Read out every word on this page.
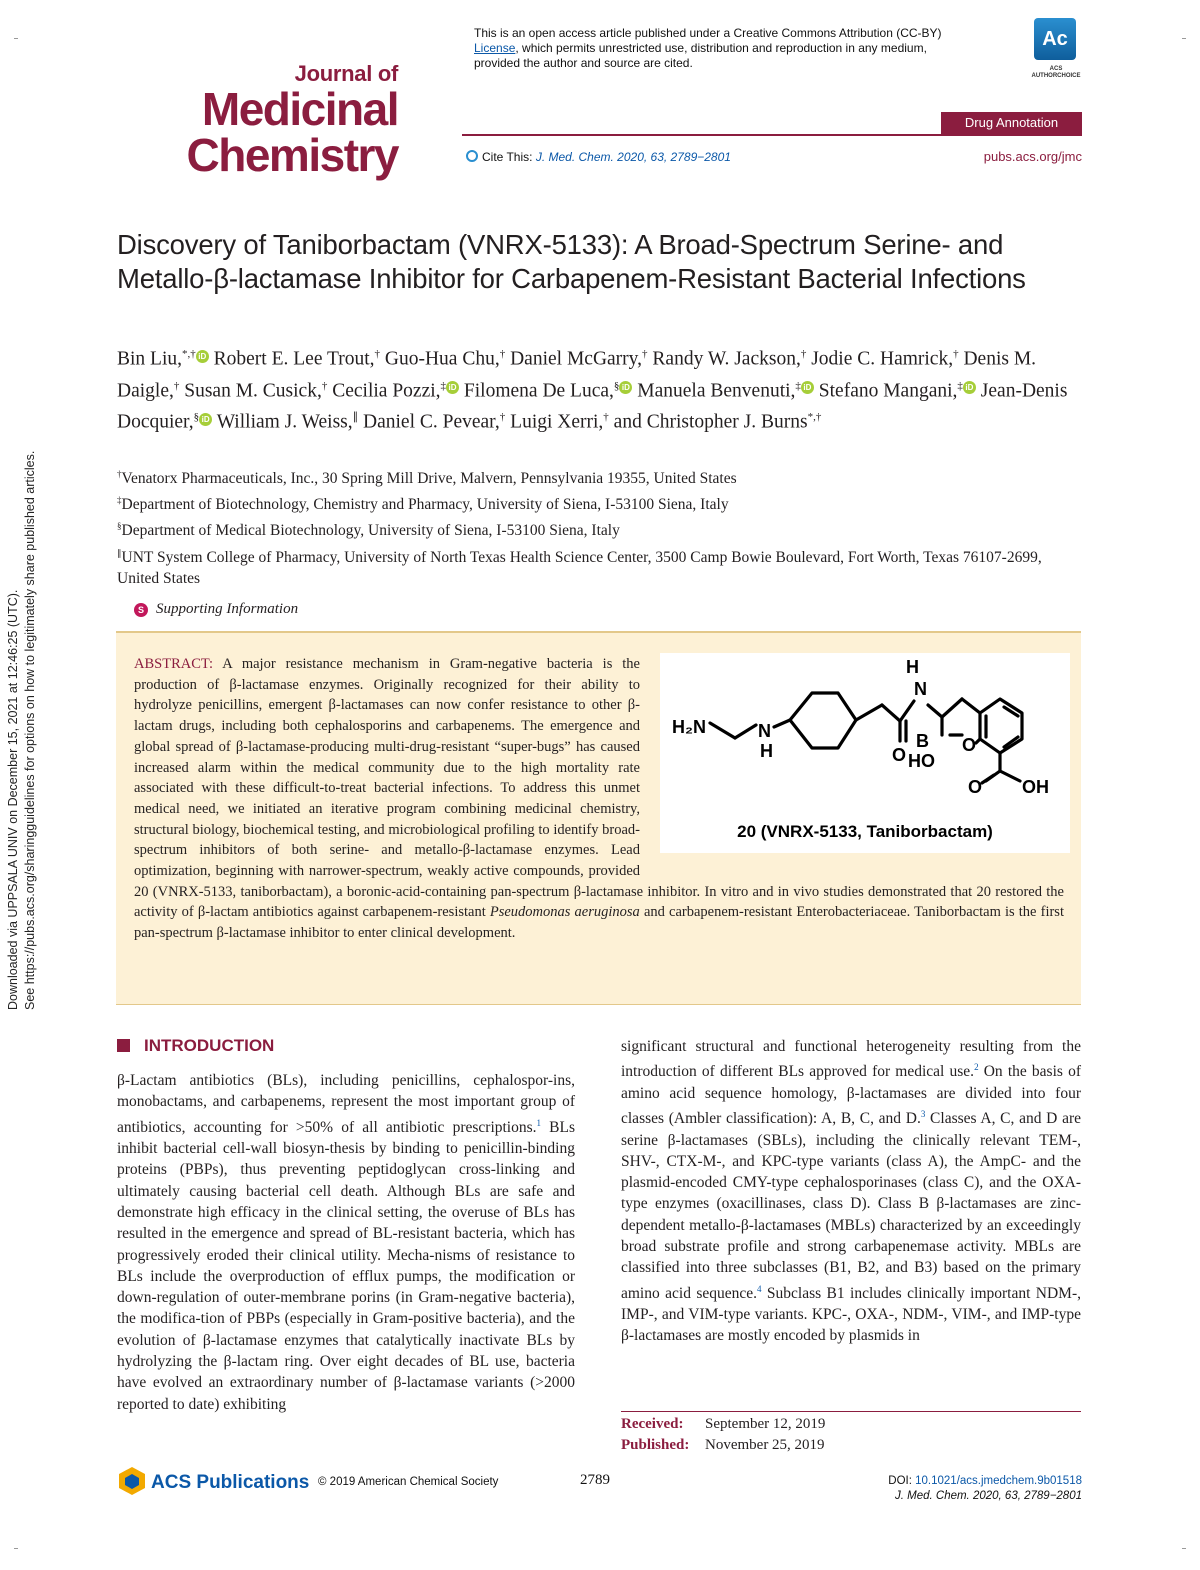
Downloaded via UPPSALA UNIV on December 15, 2021 at 12:46:25 (UTC). See https://pubs.acs.org/sharingguidelines for options on how to legitimately share published articles.
Journal of
Medicinal
Chemistry
This is an open access article published under a Creative Commons Attribution (CC-BY)
License, which permits unrestricted use, distribution and reproduction in any medium,
provided the author and source are cited.
Ac
ACS AUTHORCHOICE
Drug Annotation
Cite This: J. Med. Chem. 2020, 63, 2789−2801	pubs.acs.org/jmc
Discovery of Taniborbactam (VNRX-5133): A Broad-Spectrum Serine- and Metallo-β-lactamase Inhibitor for Carbapenem-Resistant Bacterial Infections
Bin Liu,*,† iD Robert E. Lee Trout,† Guo-Hua Chu,† Daniel McGarry,† Randy W. Jackson,† Jodie C. Hamrick,† Denis M. Daigle,† Susan M. Cusick,† Cecilia Pozzi,‡ iD Filomena De Luca,§ iD Manuela Benvenuti,‡ iD Stefano Mangani,‡ iD Jean-Denis Docquier,§ iD William J. Weiss,∥ Daniel C. Pevear,† Luigi Xerri,† and Christopher J. Burns*,†
†Venatorx Pharmaceuticals, Inc., 30 Spring Mill Drive, Malvern, Pennsylvania 19355, United States
‡Department of Biotechnology, Chemistry and Pharmacy, University of Siena, I-53100 Siena, Italy
§Department of Medical Biotechnology, University of Siena, I-53100 Siena, Italy
∥UNT System College of Pharmacy, University of North Texas Health Science Center, 3500 Camp Bowie Boulevard, Fort Worth, Texas 76107-2699, United States
S Supporting Information
H₂N	N
H
H
N
O
B
HO
O
O OH
20 (VNRX-5133, Taniborbactam)
ABSTRACT: A major resistance mechanism in Gram-negative bacteria is the production of β-lactamase enzymes. Originally recognized for their ability to hydrolyze penicillins, emergent β-lactamases can now confer resistance to other β-lactam drugs, including both cephalosporins and carbapenems. The emergence and global spread of β-lactamase-producing multi-drug-resistant “super-bugs” has caused increased alarm within the medical community due to the high mortality rate associated with these difficult-to-treat bacterial infections. To address this unmet medical need, we initiated an iterative program combining medicinal chemistry, structural biology, biochemical testing, and microbiological profiling to identify broad-spectrum inhibitors of both serine- and metallo-β-lactamase enzymes. Lead optimization, beginning with narrower-spectrum, weakly active compounds, provided 20 (VNRX-5133, taniborbactam), a boronic-acid-containing pan-spectrum β-lactamase inhibitor. In vitro and in vivo studies demonstrated that 20 restored the activity of β-lactam antibiotics against carbapenem-resistant Pseudomonas aeruginosa and carbapenem-resistant Enterobacteriaceae. Taniborbactam is the first pan-spectrum β-lactamase inhibitor to enter clinical development.
INTRODUCTION
β-Lactam antibiotics (BLs), including penicillins, cephalospor-ins, monobactams, and carbapenems, represent the most important group of antibiotics, accounting for >50% of all antibiotic prescriptions.$^1$ BLs inhibit bacterial cell-wall biosyn-thesis by binding to penicillin-binding proteins (PBPs), thus preventing peptidoglycan cross-linking and ultimately causing bacterial cell death. Although BLs are safe and demonstrate high efficacy in the clinical setting, the overuse of BLs has resulted in the emergence and spread of BL-resistant bacteria, which has progressively eroded their clinical utility. Mecha-nisms of resistance to BLs include the overproduction of efflux pumps, the modification or down-regulation of outer-membrane porins (in Gram-negative bacteria), the modifica-tion of PBPs (especially in Gram-positive bacteria), and the evolution of β-lactamase enzymes that catalytically inactivate BLs by hydrolyzing the β-lactam ring. Over eight decades of BL use, bacteria have evolved an extraordinary number of β-lactamase variants (>2000 reported to date) exhibiting
significant structural and functional heterogeneity resulting from the introduction of different BLs approved for medical use.$^2$ On the basis of amino acid sequence homology, β-lactamases are divided into four classes (Ambler classification): A, B, C, and D.$^3$ Classes A, C, and D are serine β-lactamases (SBLs), including the clinically relevant TEM-, SHV-, CTX-M-, and KPC-type variants (class A), the AmpC- and the plasmid-encoded CMY-type cephalosporinases (class C), and the OXA-type enzymes (oxacillinases, class D). Class B β-lactamases are zinc-dependent metallo-β-lactamases (MBLs) characterized by an exceedingly broad substrate profile and strong carbapenemase activity. MBLs are classified into three subclasses (B1, B2, and B3) based on the primary amino acid sequence.$^4$ Subclass B1 includes clinically important NDM-, IMP-, and VIM-type variants. KPC-, OXA-, NDM-, VIM-, and IMP-type β-lactamases are mostly encoded by plasmids in
Received: September 12, 2019
Published: November 25, 2019
ACS Publications © 2019 American Chemical Society	2789	DOI: 10.1021/acs.jmedchem.9b01518
J. Med. Chem. 2020, 63, 2789−2801
